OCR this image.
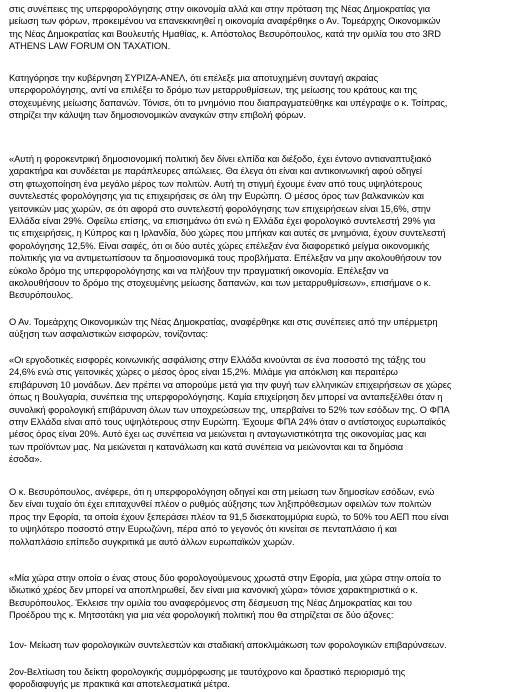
στις συνέπειες της υπερφορολόγησης στην οικονομία αλλά και στην πρόταση της Νέας Δημοκρατίας για
μείωση των φόρων, προκειμένου να επανεκκινηθεί η οικονομία αναφέρθηκε ο Αν. Τομεάρχης Οικονομικών
της Νέας Δημοκρατίας και Βουλευτής Ημαθίας, κ. Απόστολος Βεσυρόπουλος, κατά την ομιλία του στο 3RD
ATHENS LAW FORUM ON TAXATION.

Κατηγόρησε την κυβέρνηση ΣΥΡΙΖΑ-ΑΝΕΛ, ότι επέλεξε μια αποτυχημένη συνταγή ακραίας
υπερφορολόγησης, αντί να επιλέξει το δρόμο των μεταρρυθμίσεων, της μείωσης του κράτους και της
στοχευμένης μείωσης δαπανών. Τόνισε, ότι το μνημόνιο που διαπραγματεύθηκε και υπέγραψε ο κ. Τσίπρας,
στηρίζει την κάλυψη των δημοσιονομικών αναγκών στην επιβολή φόρων.

«Αυτή η φοροκεντρική δημοσιονομική πολιτική δεν δίνει ελπίδα και διέξοδο, έχει έντονο αντιαναπτυξιακό
χαρακτήρα και συνδέεται με παράπλευρες απώλειες. Θα έλεγα ότι είναι και αντικοινωνική αφού οδηγεί
στη φτωχοποίηση ένα μεγάλο μέρος των πολιτών. Αυτή τη στιγμή έχουμε έναν από τους υψηλότερους
συντελεστές φορολόγησης για τις επιχειρήσεις σε όλη την Ευρώπη. Ο μέσος όρος των βαλκανικών και
γειτονικών μας χωρών, σε ότι αφορά στο συντελεστή φορολόγησης των επιχειρήσεων είναι 15,6%, στην
Ελλάδα είναι 29%. Οφείλω επίσης, να επισημάνω ότι ενώ η Ελλάδα έχει φορολογικό συντελεστή 29% για
τις επιχειρήσεις, η Κύπρος και η Ιρλανδία, δύο χώρες που μπήκαν και αυτές σε μνημόνια, έχουν συντελεστή
φορολόγησης 12,5%. Είναι σαφές, ότι οι δύο αυτές χώρες επέλεξαν ένα διαφορετικό μείγμα οικονομικής
πολιτικής για να αντιμετωπίσουν τα δημοσιονομικά τους προβλήματα. Επέλεξαν να μην ακολουθήσουν τον
εύκολο δρόμο της υπερφορολόγησης και να πλήξουν την πραγματική οικονομία. Επέλεξαν να
ακολουθήσουν το δρόμο της στοχευμένης μείωσης δαπανών, και των μεταρρυθμίσεων», επισήμανε ο κ.
Βεσυρόπουλος.

Ο Αν. Τομεάρχης Οικονομικών της Νέας Δημοκρατίας, αναφέρθηκε και στις συνέπειες από την υπέρμετρη
αύξηση των ασφαλιστικών εισφορών, τονίζοντας:

«Οι εργοδοτικές εισφορές κοινωνικής ασφάλισης στην Ελλάδα κινούνται σε ένα ποσοστό της τάξης του
24,6% ενώ στις γειτονικές χώρες ο μέσος όρος είναι 15,2%. Μιλάμε για απόκλιση και περαιτέρω
επιβάρυνση 10 μονάδων. Δεν πρέπει να απορούμε μετά για την φυγή των ελληνικών επιχειρήσεων σε χώρες
όπως η Βουλγαρία, συνέπεια της υπερφορολόγησης. Καμία επιχείρηση δεν μπορεί να ανταπεξέλθει όταν η
συνολική φορολογική επιβάρυνση όλων των υποχρεώσεων της, υπερβαίνει το 52% των εσόδων της. Ο ΦΠΑ
στην Ελλάδα είναι από τους υψηλότερους στην Ευρώπη. Έχουμε ΦΠΑ 24% όταν ο αντίστοιχος ευρωπαϊκός
μέσος όρος είναι 20%. Αυτό έχει ως συνέπεια να μειώνεται η ανταγωνιστικότητα της οικονομίας μας και
των προϊόντων μας. Να μειώνεται η κατανάλωση και κατά συνέπεια να μειώνονται και τα δημόσια
έσοδα».

Ο κ. Βεσυρόπουλος, ανέφερε, ότι η υπερφορολόγηση οδηγεί και στη μείωση των δημοσίων εσόδων, ενώ
δεν είναι τυχαίο ότι έχει επιταχυνθεί πλέον ο ρυθμός αύξησης των ληξιπρόθεσμων οφειλών των πολιτών
προς την Εφορία, τα οποία έχουν ξεπεράσει πλέον τα 91,5 δισεκατομμύρια ευρώ, το 50% του ΑΕΠ που είναι
το υψηλότερο ποσοστό στην Ευρωζώνη, πέρα από το γεγονός ότι κινείται σε πενταπλάσιο ή και
πολλαπλάσιο επίπεδο συγκριτικά με αυτό άλλων ευρωπαϊκών χωρών.

«Μία χώρα στην οποία ο ένας στους δύο φορολογούμενους χρωστά στην Εφορία, μια χώρα στην οποία το
ιδιωτικό χρέος δεν μπορεί να αποπληρωθεί, δεν είναι μια κανονική χώρα» τόνισε χαρακτηριστικά ο κ.
Βεσυρόπουλος. Έκλεισε την ομιλία του αναφερόμενος στη δέσμευση της Νέας Δημοκρατίας και του
Προέδρου της κ. Μητσοτάκη για μια νέα φορολογική πολιτική που θα στηρίζεται σε δύο άξονες:

1ον- Μείωση των φορολογικών συντελεστών και σταδιακή αποκλιμάκωση των φορολογικών επιβαρύνσεων.

2ον-Βελτίωση του δείκτη φορολογικής συμμόρφωσης με ταυτόχρονο και δραστικό περιορισμό της
φοροδιαφυγής με πρακτικά και αποτελεσματικά μέτρα.
